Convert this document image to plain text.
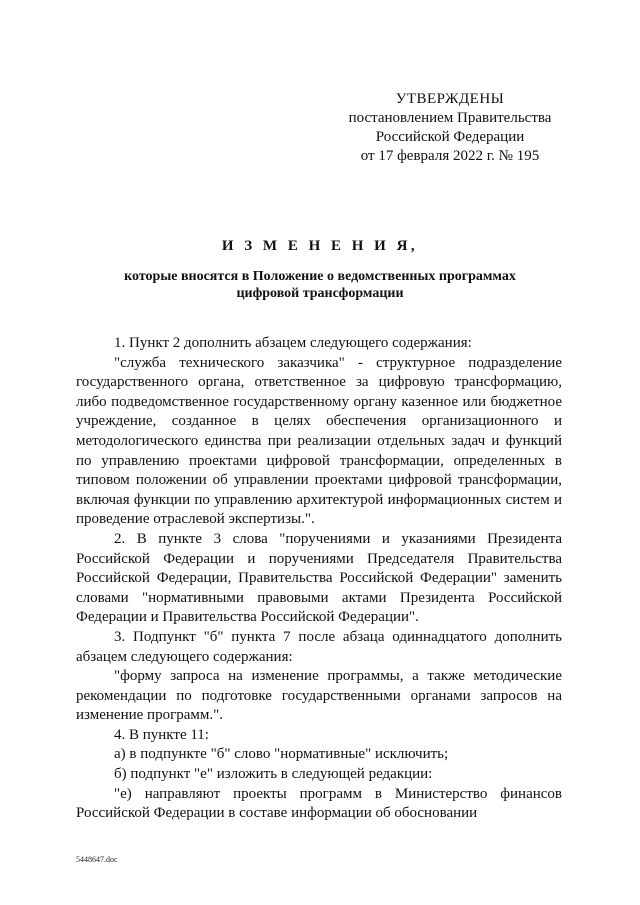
УТВЕРЖДЕНЫ
постановлением Правительства
Российской Федерации
от 17 февраля 2022 г. № 195
И З М Е Н Е Н И Я,
которые вносятся в Положение о ведомственных программах
цифровой трансформации

1. Пункт 2 дополнить абзацем следующего содержания:

"служба технического заказчика" - структурное подразделение государственного органа, ответственное за цифровую трансформацию, либо подведомственное государственному органу казенное или бюджетное учреждение, созданное в целях обеспечения организационного и методологического единства при реализации отдельных задач и функций по управлению проектами цифровой трансформации, определенных в типовом положении об управлении проектами цифровой трансформации, включая функции по управлению архитектурой информационных систем и проведение отраслевой экспертизы.".

2. В пункте 3 слова "поручениями и указаниями Президента Российской Федерации и поручениями Председателя Правительства Российской Федерации, Правительства Российской Федерации" заменить словами "нормативными правовыми актами Президента Российской Федерации и Правительства Российской Федерации".

3. Подпункт "б" пункта 7 после абзаца одиннадцатого дополнить абзацем следующего содержания:

"форму запроса на изменение программы, а также методические рекомендации по подготовке государственными органами запросов на изменение программ.".

4. В пункте 11:

а) в подпункте "б" слово "нормативные" исключить;

б) подпункт "е" изложить в следующей редакции:

"е) направляют проекты программ в Министерство финансов Российской Федерации в составе информации об обосновании

5448647.doc
